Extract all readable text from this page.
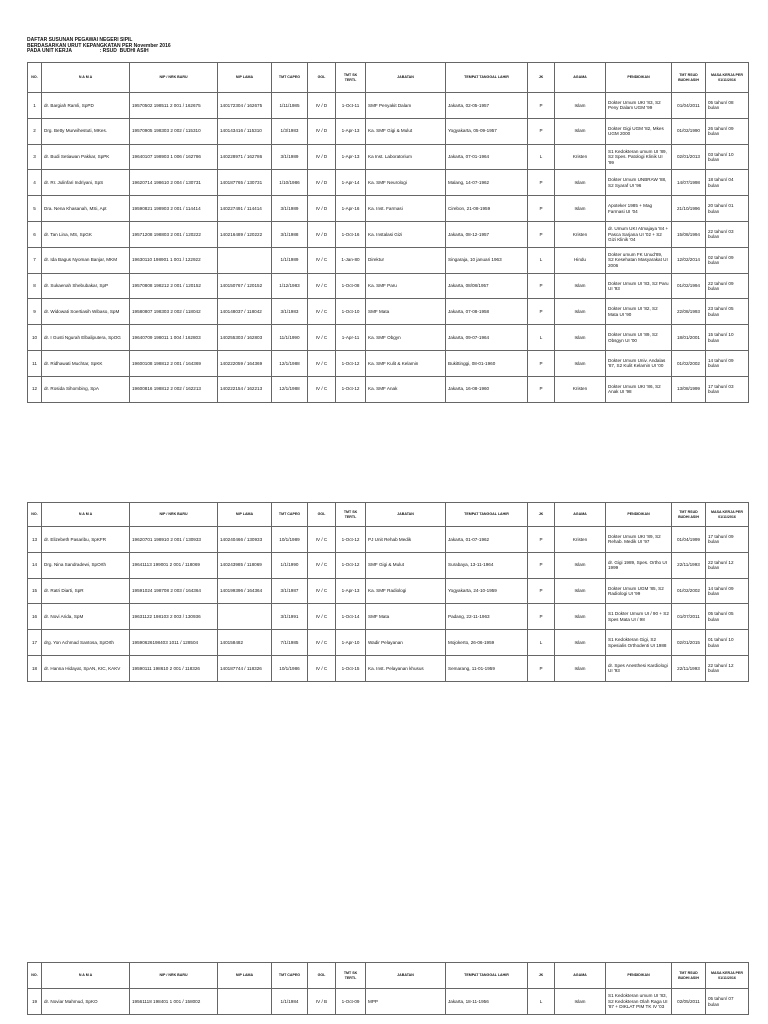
DAFTAR SUSUNAN PEGAWAI NEGERI SIPIL
BERDASARKAN URUT KEPANGKATAN PER November 2016
PADA UNIT KERJA                    : RSUD  BUDHI ASIH
NO.	N A M A	NIP / NRK BARU	NIP LAMA	TMT CAPEG	GOL	TMT SK TERTL	JABATAN	TEMPAT TANGGAL LAHIR	JK	AGAMA	PENDIDIKAN	TMT RSUD BUDHI ASIH	MASA KERJA PER 01/11/2016
1	dr. Bargiah Ramli, SpPD	19570502 198511 2 001 / 162675	140172304 / 162675	1/11/1985	IV / D	1-Oct-11	SMF Penyakit Dalam	Jakarta, 02-05-1957	P	Islam	Dokter Umum UKI '83, S2 Peny Dalam UGM '99	01/04/2011	05 tahun/ 08 bulan
2	Drg. Betty Murwihestuti, MKes.	19570905 198303 2 002 / 115310	140143416 / 115310	1/3/1983	IV / D	1-Apr-13	Ka. SMF Gigi & Mulut	Yogyakarta, 05-09-1957	P	Islam	Dokter Gigi UGM '82, Mkes UGM 2000	01/02/1990	26 tahun/ 09 bulan
3	dr. Budi Setiawan Pakkar, SpPK	19640107 198903 1 006 / 162786	140228971 / 162786	3/1/1989	IV / D	1-Apr-13	Ka Inst. Laboratorium	Jakarta, 07-01-1964	L	Kristen	S1 Kedokteran umum UI '89, S2 Spes. Patologi Klinik UI '99	02/01/2013	03 tahun/ 10 bulan
4	dr. Rr. Julinfari Indriyani, SpS	19620714 198610 2 004 / 130731	140187765 / 130731	1/10/1986	IV / D	1-Apr-14	Ka. SMF Neurologi	Malang, 14-07-1962	P	Islam	Dokter Umum UNBRAW '88, S2 Syaraf UI '96	14/07/1998	18 tahun/ 04 bulan
5	Dra. Nena Khasanah, MSi, Apt	19590821 198903 2 001 / 114414	140227491 / 114414	3/1/1989	IV / D	1-Apr-16	Ka. Inst. Farmasi	Cirebon, 21-08-1959	P	Islam	Apoteker 1985 + Mag Farmasi UI '04	21/10/1996	20 tahun/ 01 bulan
6	dr. Tan Lina, MS, SpGK	19571208 198803 2 001 / 120222	140216489 / 120222	3/1/1988	IV / D	1-Oct-16	Ka. Instalasi Gizi	Jakarta, 08-12-1957	P	Kristen	dr. Umum UKI Atmajaya '84 + Pasca Sarjana UI '02 + S2 Gizi Klinik '04	15/08/1994	22 tahun/ 03 bulan
7	dr. Ida Bagus Nyoman Banjar, MKM	19630110 198901 1 001 / 122922		1/1/1989	IV / C	1-Jan-80	Direktur	Singaraja, 10 januari 1963	L	Hindu	Dokter umum FK Unud'89, S2 Kesehatan Masyarakat UI 2006	12/02/2014	02 tahun/ 09 bulan
8	dr. Sukaenah Shebubakar, SpP	19570808 198212 2 001 / 120152	140150767 / 120152	1/12/1983	IV / C	1-Oct-08	Ka. SMF Paru	Jakarta, 08/08/1957	P	Islam	Dokter Umum UI '83, S2 Paru UI '93	01/02/1994	22 tahun/ 09 bulan
9	dr. Widowati Soertiasih Wibaso, SpM	19580807 198303 2 002 / 118042	140148037 / 118042	3/1/1983	IV / C	1-Oct-10	SMF Mata	Jakarta, 07-08-1958	P	Islam	Dokter Umum UI '82, S2 Mata UI '90	22/08/1993	23 tahun/ 05 bulan
10	dr. I Gusti Ngurah Elbaliputera, SpOG	19640709 198011 1 004 / 162803	140255303 / 162803	11/1/1990	IV / C	1-Apr-11	Ka. SMF Obgyn	Jakarta, 09-07-1964	L	Islam	Dokter Umum UI '89, S2 Obsgyn UI '00	18/01/2001	15 tahun/ 10 bulan
11	dr. Ridhawati Muchtar, SpKK	19600108 198812 2 001 / 164369	140222059 / 164369	12/1/1988	IV / C	1-Oct-12	Ka. SMF Kulit & Kelamin	Bukittinggi, 08-01-1960	P	Islam	Dokter Umum Univ. Andalas '87, S2 Kulit Kelamin UI '00	01/02/2002	14 tahun/ 09 bulan
12	dr. Rosida Sihombing, SpA	19600816 198812 2 002 / 162213	140222154 / 162213	12/1/1988	IV / C	1-Oct-12	Ka. SMF Anak	Jakarta, 16-08-1960	P	Kristen	Dokter Umum UKI '86, S2 Anak UI '98	13/08/1999	17 tahun/ 03 bulan
NO.	N A M A	NIP / NRK BARU	NIP LAMA	TMT CAPEG	GOL	TMT SK TERTL	JABATAN	TEMPAT TANGGAL LAHIR	JK	AGAMA	PENDIDIKAN	TMT RSUD BUDHI ASIH	MASA KERJA PER 01/11/2016
13	dr. Elizebeth Pasaribu, SpKFR	19620701 198910 2 001 / 130933	140240466 / 130933	10/1/1989	IV / C	1-Oct-12	PJ Unit Rehab Medik	Jakarta, 01-07-1962	P	Kristen	Dokter Umum UKI '89, S2 Rehab. Medik UI '97	01/04/1999	17 tahun/ 09 bulan
14	Drg. Nina Sandradewi, SpOrth	19641113 199001 2 001 / 118069	140243985 / 118069	1/1/1990	IV / C	1-Oct-12	SMF Gigi & Mulut	Surabaya, 13-11-1964	P	Islam	dr. Gigi 1989, Spes. Ortho UI 1999	22/11/1993	22 tahun/ 12 bulan
15	dr. Ratri Diarti, SpR	19591024 198708 2 003 / 164364	140199396 / 164364	3/1/1987	IV / C	1-Apr-13	Ka. SMF Radiologi	Yogyakarta, 24-10-1959	P	Islam	Dokter Umum UGM '85, S2 Radiologi UI '99	01/02/2002	14 tahun/ 09 bulan
16	dr. Novi Arida, SpM	19631122 198103 2 003 / 130936		3/1/1991	IV / C	1-Oct-14	SMF Mata	Padang, 22-11-1963	P	Islam	S1 Dokter Umum UI / 90 + S2 Spes Mata UI / 98	01/07/2011	05 tahun/ 05 bulan
17	drg. Yon Achmad Santosa, SpOrth	19590626198403 1011 / 128504	140158482	7/1/1985	IV / C	1-Apr-10	Wadir Pelayanan	Mojokerto, 26-06-1959	L	Islam	S1 Kedokteran Gigi, S2 Spesialis Orthodenti UI 1988	02/01/2015	01 tahun/ 10 bulan
18	dr. Hanna Hidayat, SpAN, KIC, KAKV	19590111 198610 2 001 / 118326	140187744 / 118326	10/1/1986	IV / C	1-Oct-15	Ka. Inst. Pelayanan khusus	Semarang, 11-01-1959	P	Islam	dr. Spes Anesthesi Kardiologi UI '93	22/11/1993	22 tahun/ 12 bulan
NO.	N A M A	NIP / NRK BARU	NIP LAMA	TMT CAPEG	GOL	TMT SK TERTL	JABATAN	TEMPAT TANGGAL LAHIR	JK	AGAMA	PENDIDIKAN	TMT RSUD BUDHI ASIH	MASA KERJA PER 01/11/2016
19	dr. Noviar Mahmud, SpKO	19561118 198401 1 001 / 158002		1/1/1984	IV / B	1-Oct-09	MPP	Jakarta, 18-11-1956	L	Islam	S1 Kedokteran umum UI '83, S2 Kedokteran Olah Raga UI '87 + DIKLAT PIM TK IV '03	02/05/2011	05 tahun/ 07 bulan
